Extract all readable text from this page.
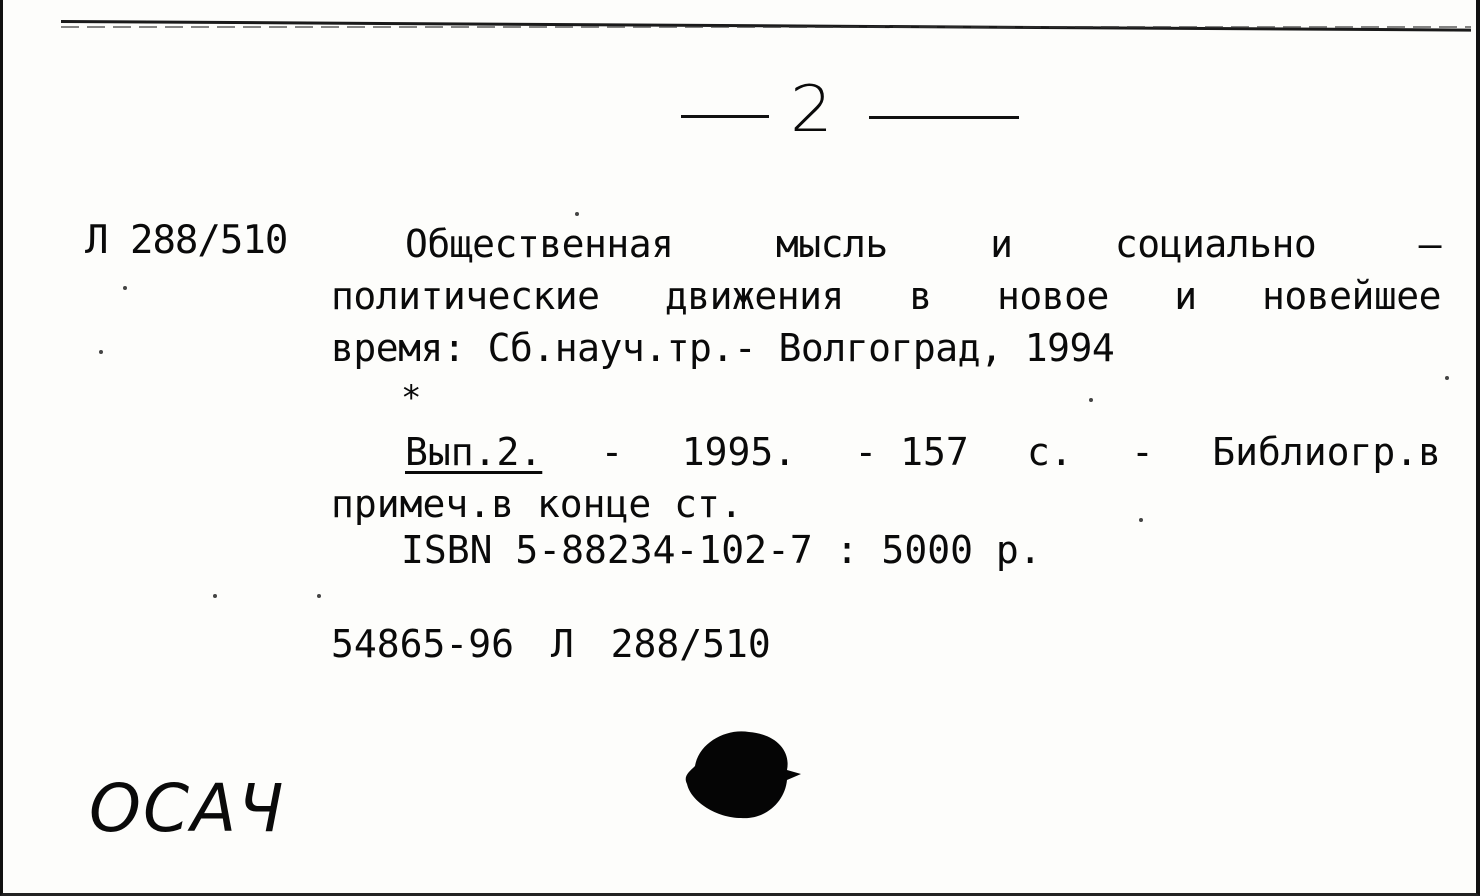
2
Л 288/510	Общественная	мысль	и	социально	–
политические движения в новое и новейшее
время: Сб.науч.тр.- Волгоград, 1994
*
Вып.2. - 1995. - 157 с. - Библиогр.в
примеч.в конце ст.
ISBN 5-88234-102-7 : 5000 р.
54865-96 Л 288/510
ОСАЧ
